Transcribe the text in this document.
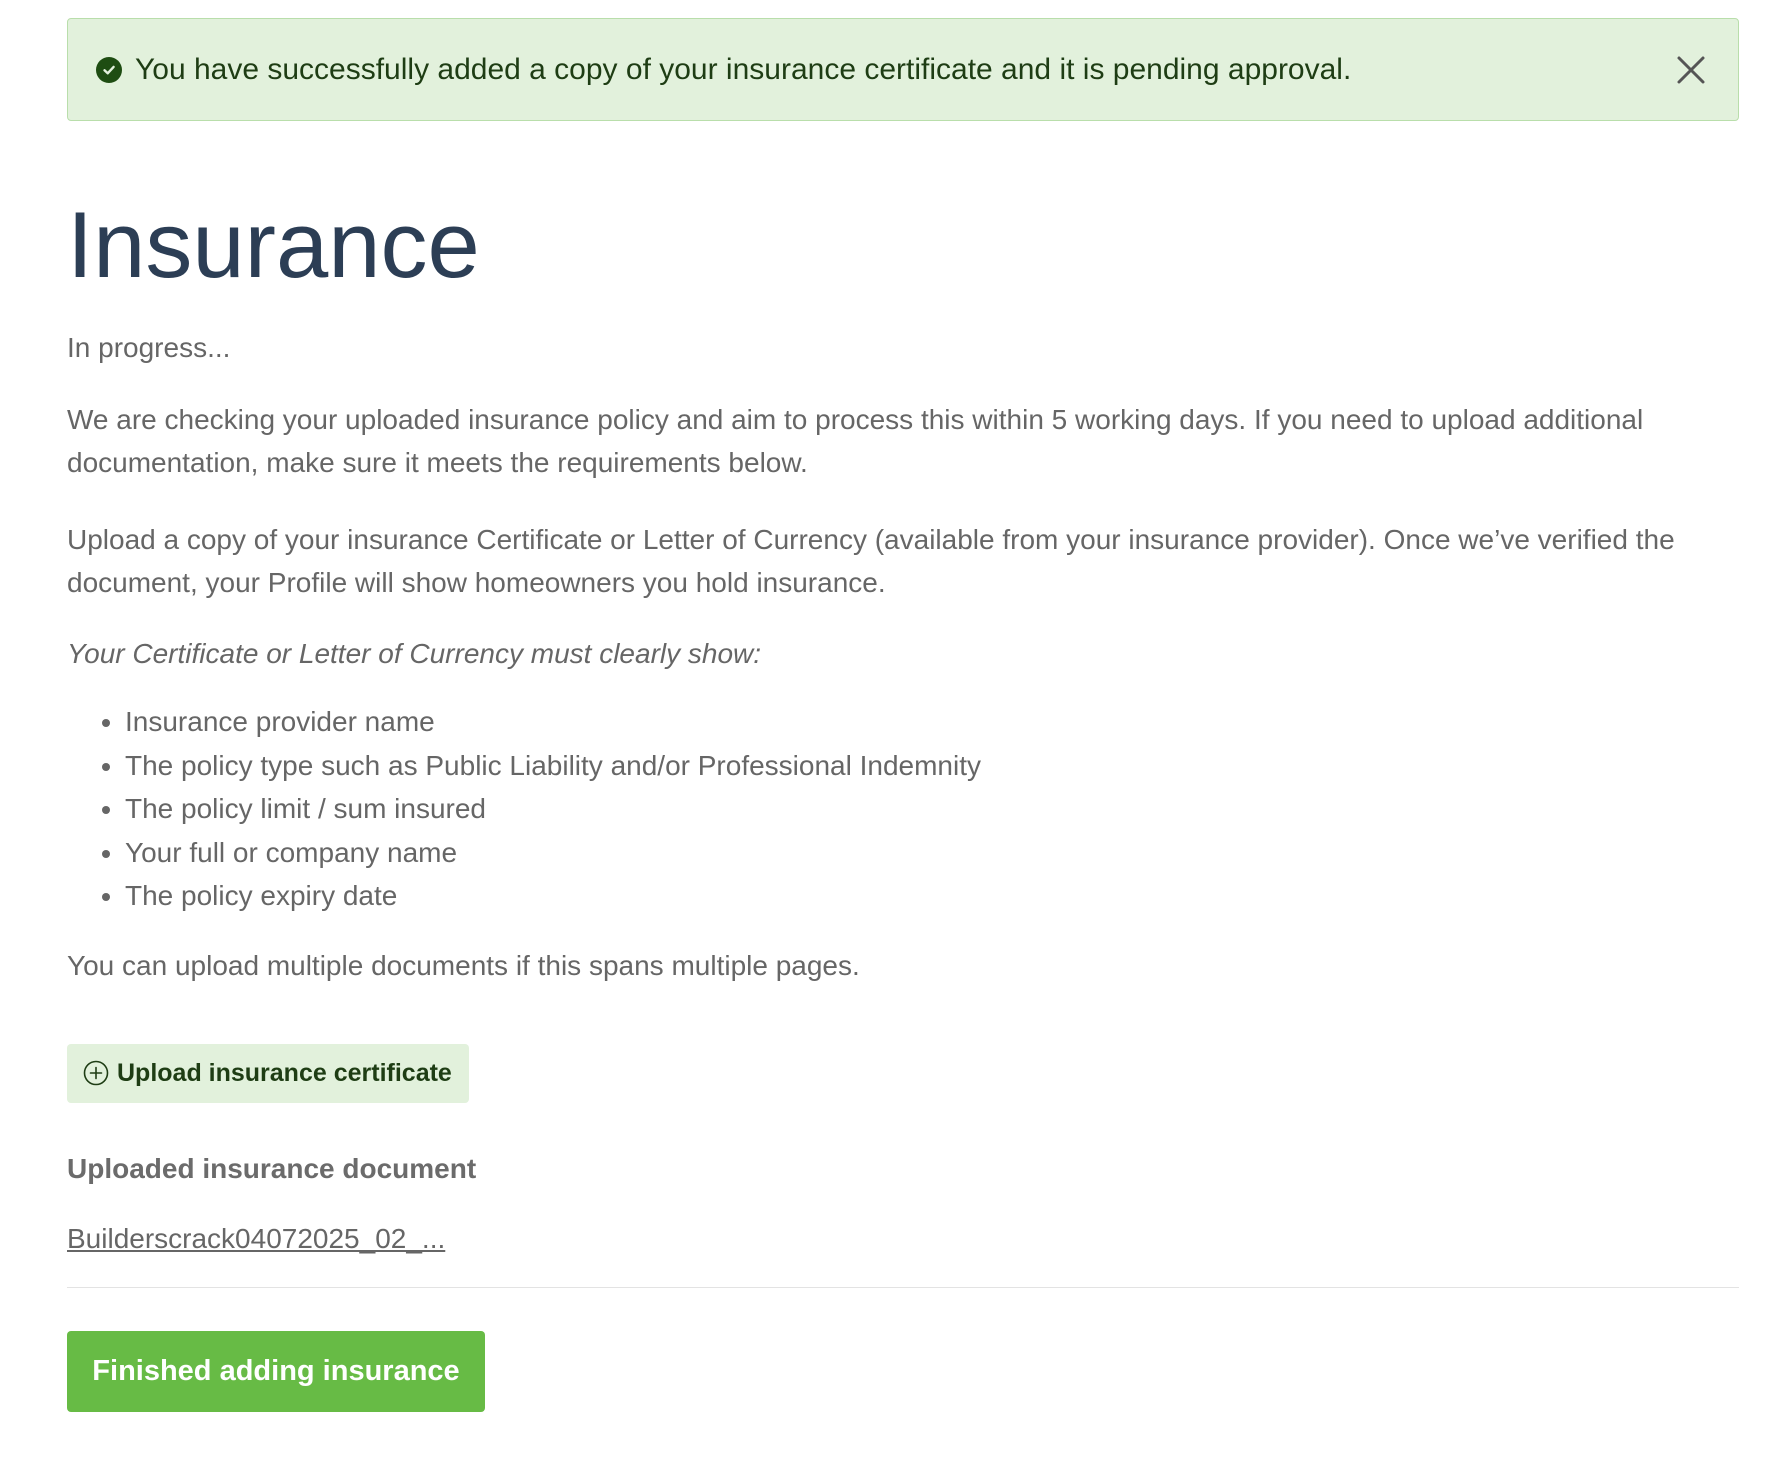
You have successfully added a copy of your insurance certificate and it is pending approval.
Insurance
In progress...

We are checking your uploaded insurance policy and aim to process this within 5 working days. If you need to upload additional documentation, make sure it meets the requirements below.

Upload a copy of your insurance Certificate or Letter of Currency (available from your insurance provider). Once we’ve verified the document, your Profile will show homeowners you hold insurance.

Your Certificate or Letter of Currency must clearly show:

• Insurance provider name
• The policy type such as Public Liability and/or Professional Indemnity
• The policy limit / sum insured
• Your full or company name
• The policy expiry date

You can upload multiple documents if this spans multiple pages.

Upload insurance certificate
Uploaded insurance document
Builderscrack04072025_02_...
Finished adding insurance
